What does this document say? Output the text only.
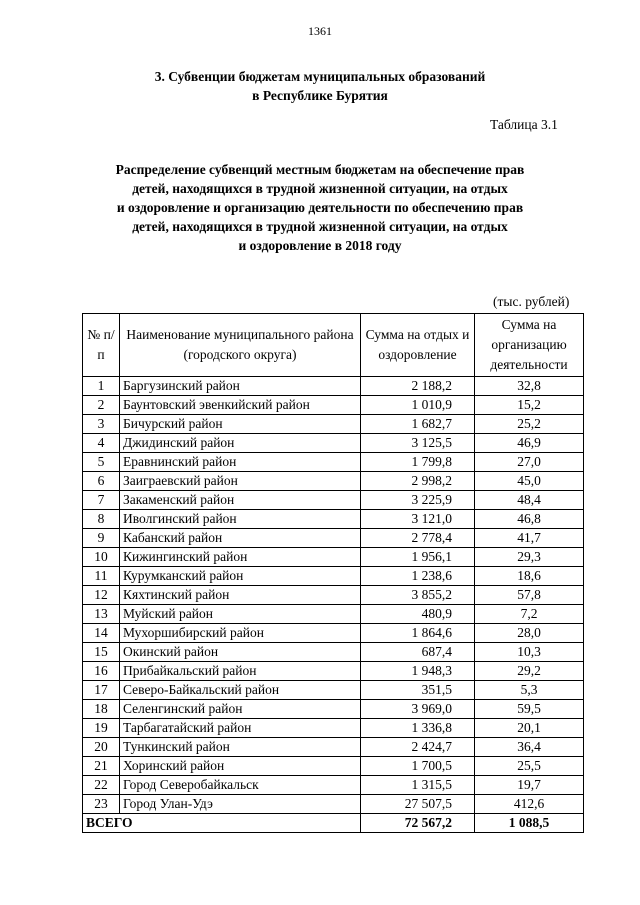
1361
3. Субвенции бюджетам муниципальных образований
в Республике Бурятия
Таблица 3.1
Распределение субвенций местным бюджетам на обеспечение прав
детей, находящихся в трудной жизненной ситуации, на отдых
и оздоровление и организацию деятельности по обеспечению прав
детей, находящихся в трудной жизненной ситуации, на отдых
и оздоровление в 2018 году
(тыс. рублей)
№ п/п	Наименование муниципального района (городского округа)	Сумма на отдых и оздоровление	Сумма на организацию деятельности
1	Баргузинский район	2 188,2	32,8
2	Баунтовский эвенкийский район	1 010,9	15,2
3	Бичурский район	1 682,7	25,2
4	Джидинский район	3 125,5	46,9
5	Еравнинский район	1 799,8	27,0
6	Заиграевский район	2 998,2	45,0
7	Закаменский район	3 225,9	48,4
8	Иволгинский район	3 121,0	46,8
9	Кабанский район	2 778,4	41,7
10	Кижингинский район	1 956,1	29,3
11	Курумканский район	1 238,6	18,6
12	Кяхтинский район	3 855,2	57,8
13	Муйский район	480,9	7,2
14	Мухоршибирский район	1 864,6	28,0
15	Окинский район	687,4	10,3
16	Прибайкальский район	1 948,3	29,2
17	Северо-Байкальский район	351,5	5,3
18	Селенгинский район	3 969,0	59,5
19	Тарбагатайский район	1 336,8	20,1
20	Тункинский район	2 424,7	36,4
21	Хоринский район	1 700,5	25,5
22	Город Северобайкальск	1 315,5	19,7
23	Город Улан-Удэ	27 507,5	412,6
ВСЕГО		72 567,2	1 088,5
